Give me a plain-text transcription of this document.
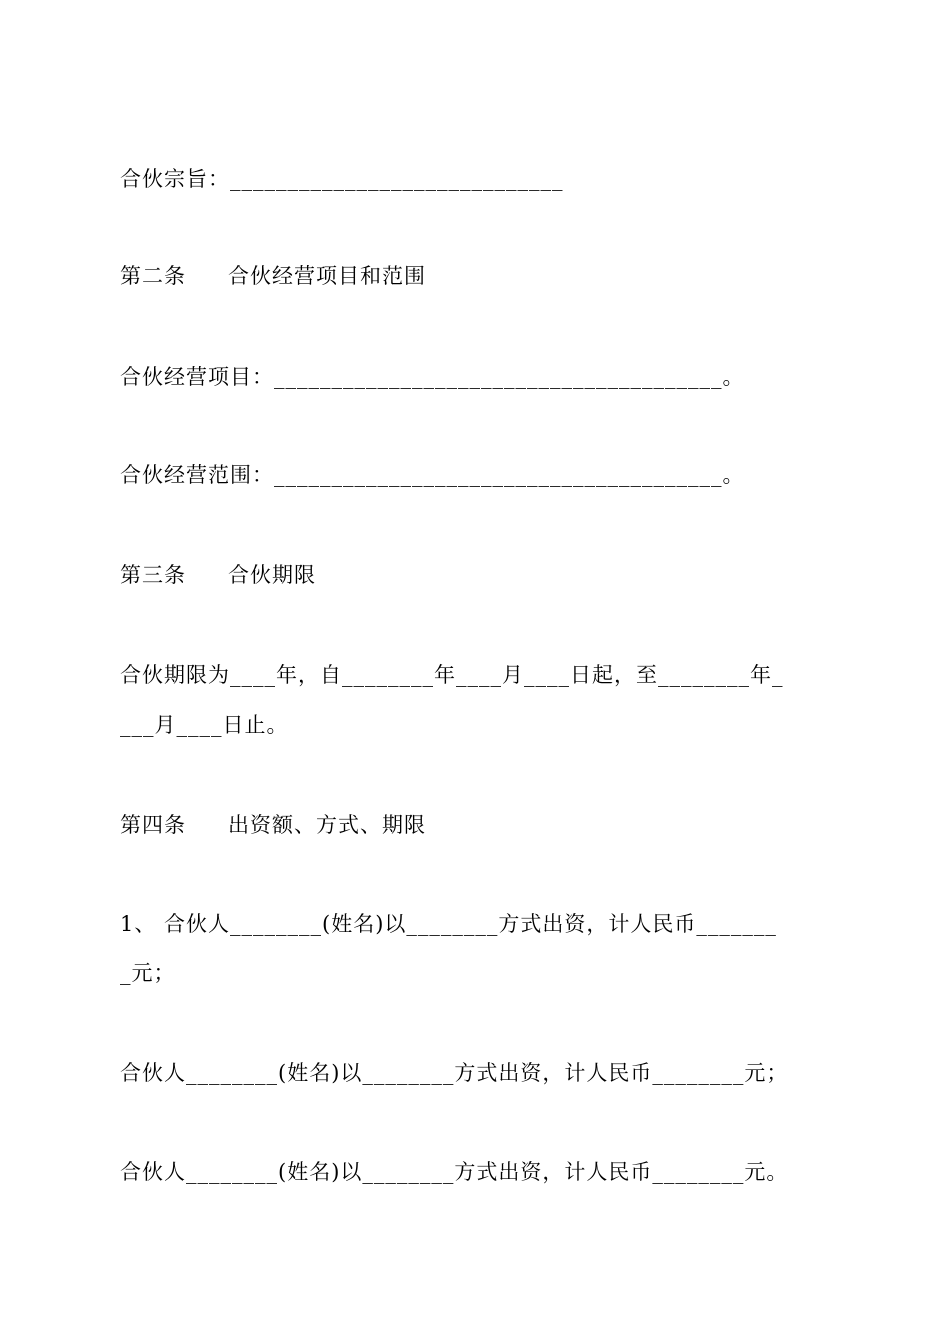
合伙宗旨：_____________________________
第二条 合伙经营项目和范围
合伙经营项目：_______________________________________。
合伙经营范围：_______________________________________。
第三条 合伙期限
合伙期限为____年，自________年____月____日起，至________年_
___月____日止。
第四条 出资额、方式、期限
1、 合伙人________(姓名)以________方式出资，计人民币_______
_元；
合伙人________(姓名)以________方式出资，计人民币________元；
合伙人________(姓名)以________方式出资，计人民币________元。
